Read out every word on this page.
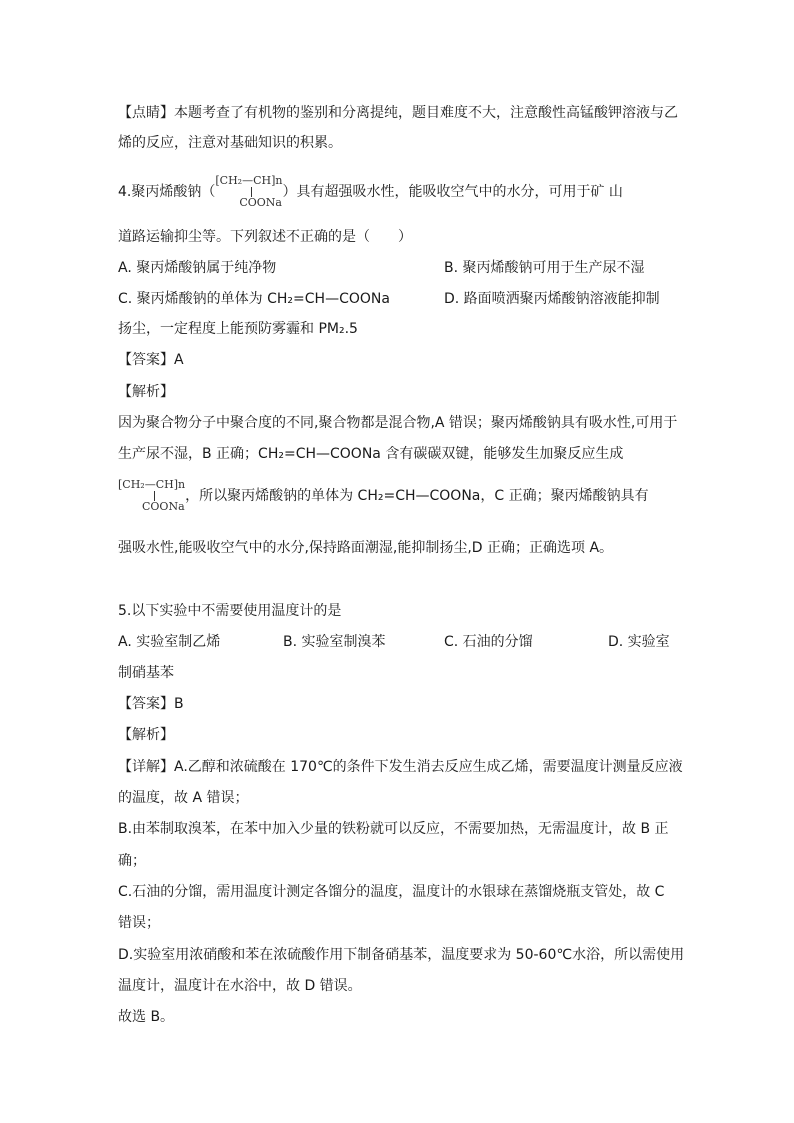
【点睛】本题考查了有机物的鉴别和分离提纯，题目难度不大，注意酸性高锰酸钾溶液与乙
烯的反应，注意对基础知识的积累。
4.聚丙烯酸钠（
[CH₂—CH]n
COONa
）具有超强吸水性，能吸收空气中的水分，可用于矿 山
道路运输抑尘等。下列叙述不正确的是（　　）
A. 聚丙烯酸钠属于纯净物	B. 聚丙烯酸钠可用于生产尿不湿
C. 聚丙烯酸钠的单体为 CH₂=CH—COONa	D. 路面喷洒聚丙烯酸钠溶液能抑制
扬尘，一定程度上能预防雾霾和 PM₂.5
【答案】A
【解析】
因为聚合物分子中聚合度的不同,聚合物都是混合物,A 错误；聚丙烯酸钠具有吸水性,可用于
生产尿不湿，B 正确；CH₂=CH—COONa 含有碳碳双键，能够发生加聚反应生成
[CH₂—CH]n
COONa
，所以聚丙烯酸钠的单体为 CH₂=CH—COONa，C 正确；聚丙烯酸钠具有
强吸水性,能吸收空气中的水分,保持路面潮湿,能抑制扬尘,D 正确；正确选项 A。
5.以下实验中不需要使用温度计的是
A. 实验室制乙烯	B. 实验室制溴苯	C. 石油的分馏	D. 实验室
制硝基苯
【答案】B
【解析】
【详解】A.乙醇和浓硫酸在 170℃的条件下发生消去反应生成乙烯，需要温度计测量反应液
的温度，故 A 错误；
B.由苯制取溴苯，在苯中加入少量的铁粉就可以反应，不需要加热，无需温度计，故 B 正
确；
C.石油的分馏，需用温度计测定各馏分的温度，温度计的水银球在蒸馏烧瓶支管处，故 C
错误；
D.实验室用浓硝酸和苯在浓硫酸作用下制备硝基苯，温度要求为 50-60℃水浴，所以需使用
温度计，温度计在水浴中，故 D 错误。
故选 B。
